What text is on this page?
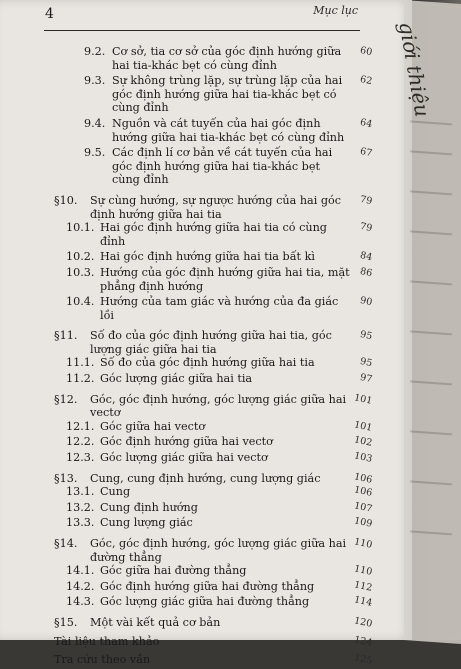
4	Mục lục
9.2. Cơ sở, tia cơ sở của góc định hướng giữa hai tia-khác bẹt có cùng đỉnh
60
9.3. Sự không trùng lặp, sự trùng lặp của hai góc định hướng giữa hai tia-khác bẹt có cùng đỉnh
62
9.4. Nguồn và cát tuyến của hai góc định hướng giữa hai tia-khác bẹt có cùng đỉnh
64
9.5. Các định lí cơ bản về cát tuyến của hai góc định hướng giữa hai tia-khác bẹt cùng đỉnh
67
§10.	Sự cùng hướng, sự ngược hướng của hai góc định hướng giữa hai tia
79
10.1. Hai góc định hướng giữa hai tia có cùng đỉnh
79
10.2. Hai góc định hướng giữa hai tia bất kì	84
10.3. Hướng của góc định hướng giữa hai tia, mặt phẳng định hướng
86
10.4. Hướng của tam giác và hướng của đa giác lồi
90
§11.	Số đo của góc định hướng giữa hai tia, góc lượng giác giữa hai tia
95
11.1. Số đo của góc định hướng giữa hai tia	95
11.2. Góc lượng giác giữa hai tia	97
§12.	Góc, góc định hướng, góc lượng giác giữa hai vectơ
101
12.1. Góc giữa hai vectơ	101
12.2. Góc định hướng giữa hai vectơ	102
12.3. Góc lượng giác giữa hai vectơ	103
§13.	Cung, cung định hướng, cung lượng giác	106
13.1. Cung	106
13.2. Cung định hướng	107
13.3. Cung lượng giác	109
§14.	Góc, góc định hướng, góc lượng giác giữa hai đường thẳng
110
14.1. Góc giữa hai đường thẳng	110
14.2. Góc định hướng giữa hai đường thẳng	112
14.3. Góc lượng giác giữa hai đường thẳng	114
§15.	Một vài kết quả cơ bản	120
Tài liệu tham khảo	124
Tra cứu theo vần	125
giới thiệu
